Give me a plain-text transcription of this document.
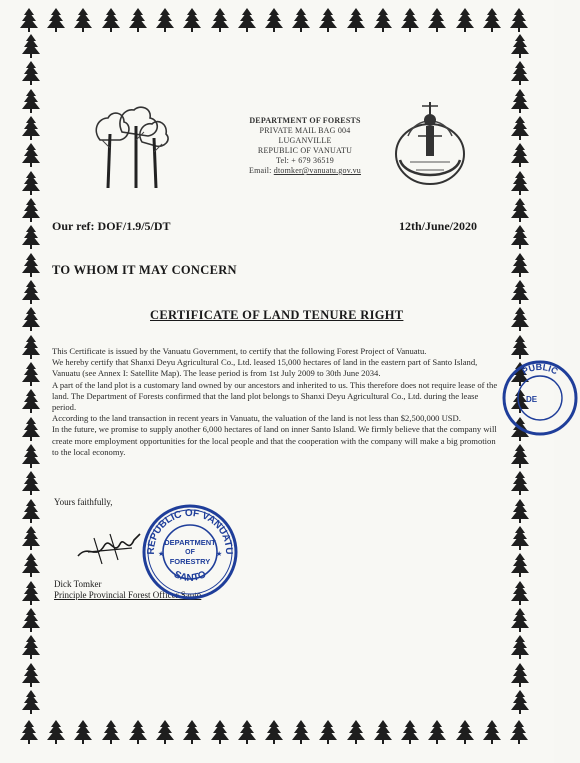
DEPARTMENT OF FORESTS
PRIVATE MAIL BAG 004
LUGANVILLE
REPUBLIC OF VANUATU
Tel: + 679 36519
Email: dtomker@vanuatu.gov.vu
Our ref: DOF/1.9/5/DT	12th/June/2020
TO WHOM IT MAY CONCERN
CERTIFICATE OF LAND TENURE RIGHT

This Certificate is issued by the Vanuatu Government, to certify that the following Forest Project of Vanuatu.

We hereby certify that Shanxi Deyu Agricultural Co., Ltd. leased 15,000 hectares of land in the eastern part of Santo Island, Vanuatu (see Annex I: Satellite Map). The lease period is from 1st July 2009 to 30th June 2034.

A part of the land plot is a customary land owned by our ancestors and inherited to us. This therefore does not require lease of the land. The Department of Forests confirmed that the land plot belongs to Shanxi Deyu Agricultural Co., Ltd. during the lease period.

According to the land transaction in recent years in Vanuatu, the valuation of the land is not less than $2,500,000 USD.

In the future, we promise to supply another 6,000 hectares of land on inner Santo Island. We firmly believe that the company will create more employment opportunities for the local people and that the cooperation with the company will make a big promotion to the local economy.

Yours faithfully,
Dick Tomker
Principle Provincial Forest Officer Santo
REPUBLIC OF VANUATU
SANTO
DEPARTMENT
OF
FORESTRY
★	★
PUBLIC
DE
